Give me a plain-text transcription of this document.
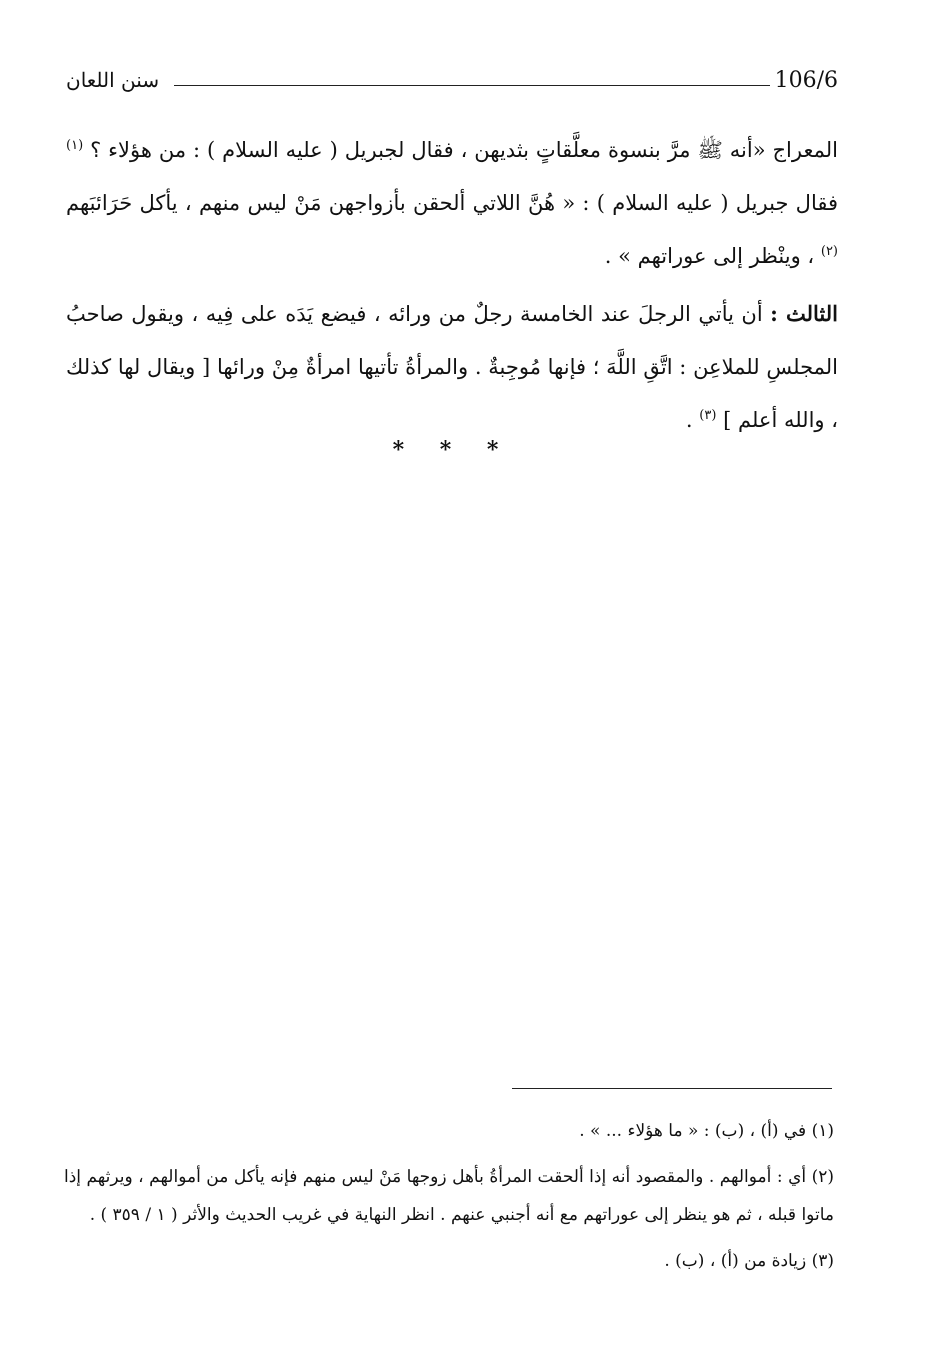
سنن اللعان	106/6

المعراج «أنه ﷺ مرَّ بنسوة معلَّقاتٍ بثديهن ، فقال لجبريل ( عليه السلام ) : من هؤلاء ؟ $^{(١)}$ فقال جبريل ( عليه السلام ) : « هُنَّ اللاتي ألحقن بأزواجهن مَنْ ليس منهم ، يأكل حَرَائبَهم $^{(٢)}$ ، وينْظر إلى عوراتهم » .

الثالث : أن يأتي الرجلَ عند الخامسة رجلٌ من ورائه ، فيضع يَدَه على فِيه ، ويقول صاحبُ المجلسِ للملاعِن : اتَّقِ اللَّهَ ؛ فإنها مُوجِبةٌ . والمرأةُ تأتيها امرأةٌ مِنْ ورائها [ ويقال لها كذلك ، والله أعلم ] $^{(٣)}$ .

* * *

(١) في (أ) ، (ب) : « ما هؤلاء ... » .

(٢) أي : أموالهم . والمقصود أنه إذا ألحقت المرأةُ بأهل زوجها مَنْ ليس منهم فإنه يأكل من أموالهم ، ويرثهم إذا ماتوا قبله ، ثم هو ينظر إلى عوراتهم مع أنه أجنبي عنهم . انظر النهاية في غريب الحديث والأثر ( ١ / ٣٥٩ ) .

(٣) زيادة من (أ) ، (ب) .
